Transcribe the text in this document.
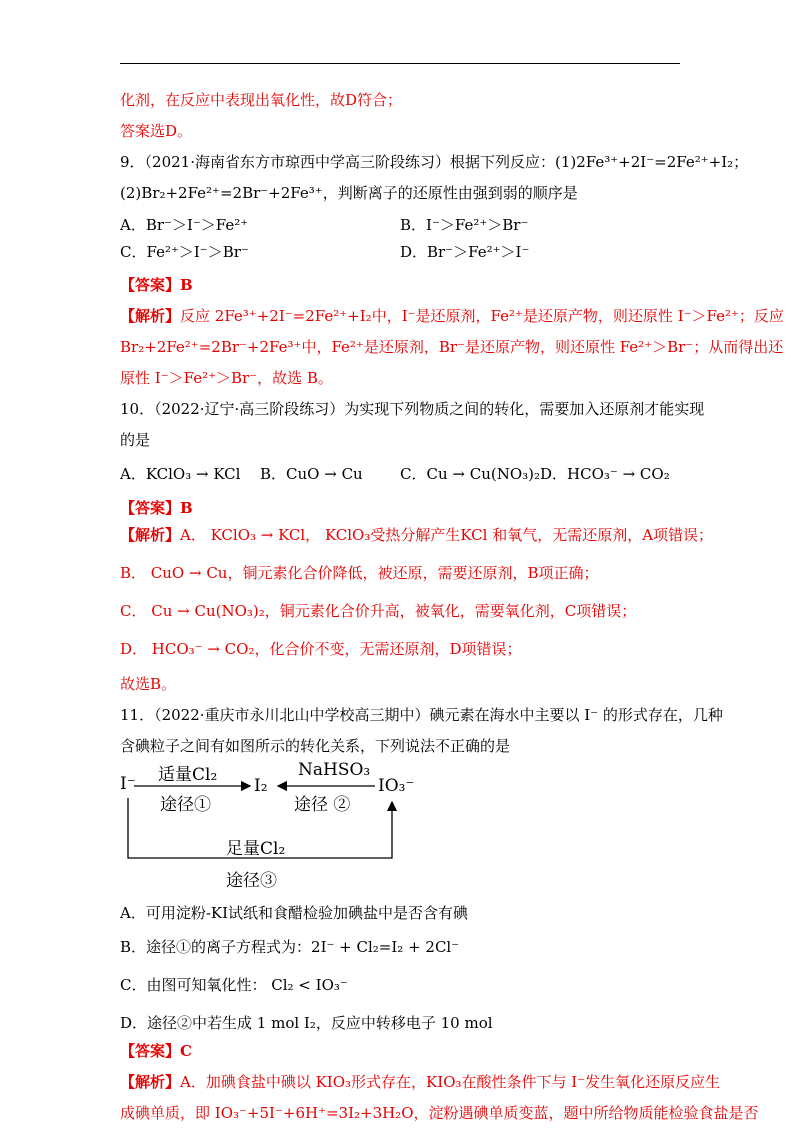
化剂，在反应中表现出氧化性，故D符合；
答案选D。
9．（2021·海南省东方市琼西中学高三阶段练习）根据下列反应：(1)2Fe³⁺+2I⁻=2Fe²⁺+I₂；
(2)Br₂+2Fe²⁺=2Br⁻+2Fe³⁺，判断离子的还原性由强到弱的顺序是
A．Br⁻＞I⁻＞Fe²⁺	B．I⁻＞Fe²⁺＞Br⁻
C．Fe²⁺＞I⁻＞Br⁻	D．Br⁻＞Fe²⁺＞I⁻
【答案】B
【解析】反应 2Fe³⁺+2I⁻=2Fe²⁺+I₂中，I⁻是还原剂，Fe²⁺是还原产物，则还原性 I⁻＞Fe²⁺；反应
Br₂+2Fe²⁺=2Br⁻+2Fe³⁺中，Fe²⁺是还原剂，Br⁻是还原产物，则还原性 Fe²⁺＞Br⁻；从而得出还
原性 I⁻＞Fe²⁺＞Br⁻，故选 B。
10．（2022·辽宁·高三阶段练习）为实现下列物质之间的转化，需要加入还原剂才能实现
的是
A．KClO₃ → KCl B．CuO → Cu C．Cu → Cu(NO₃)₂ D．HCO₃⁻ → CO₂
【答案】B
【解析】A． KClO₃ → KCl， KClO₃受热分解产生KCl 和氧气，无需还原剂，A项错误；
B． CuO → Cu，铜元素化合价降低，被还原，需要还原剂，B项正确；
C． Cu → Cu(NO₃)₂，铜元素化合价升高，被氧化，需要氧化剂，C项错误；
D． HCO₃⁻ → CO₂，化合价不变，无需还原剂，D项错误；
故选B。
11．（2022·重庆市永川北山中学校高三期中）碘元素在海水中主要以 I⁻ 的形式存在，几种
含碘粒子之间有如图所示的转化关系，下列说法不正确的是
I⁻	I₂	IO₃⁻
适量Cl₂
途径①
NaHSO₃
途径 ②
足量Cl₂
途径③
A．可用淀粉-KI试纸和食醋检验加碘盐中是否含有碘
B．途径①的离子方程式为：2I⁻ + Cl₂=I₂ + 2Cl⁻
C．由图可知氧化性： Cl₂ < IO₃⁻
D．途径②中若生成 1 mol I₂，反应中转移电子 10 mol
【答案】C
【解析】A．加碘食盐中碘以 KIO₃形式存在，KIO₃在酸性条件下与 I⁻发生氧化还原反应生
成碘单质，即 IO₃⁻+5I⁻+6H⁺=3I₂+3H₂O，淀粉遇碘单质变蓝，题中所给物质能检验食盐是否
